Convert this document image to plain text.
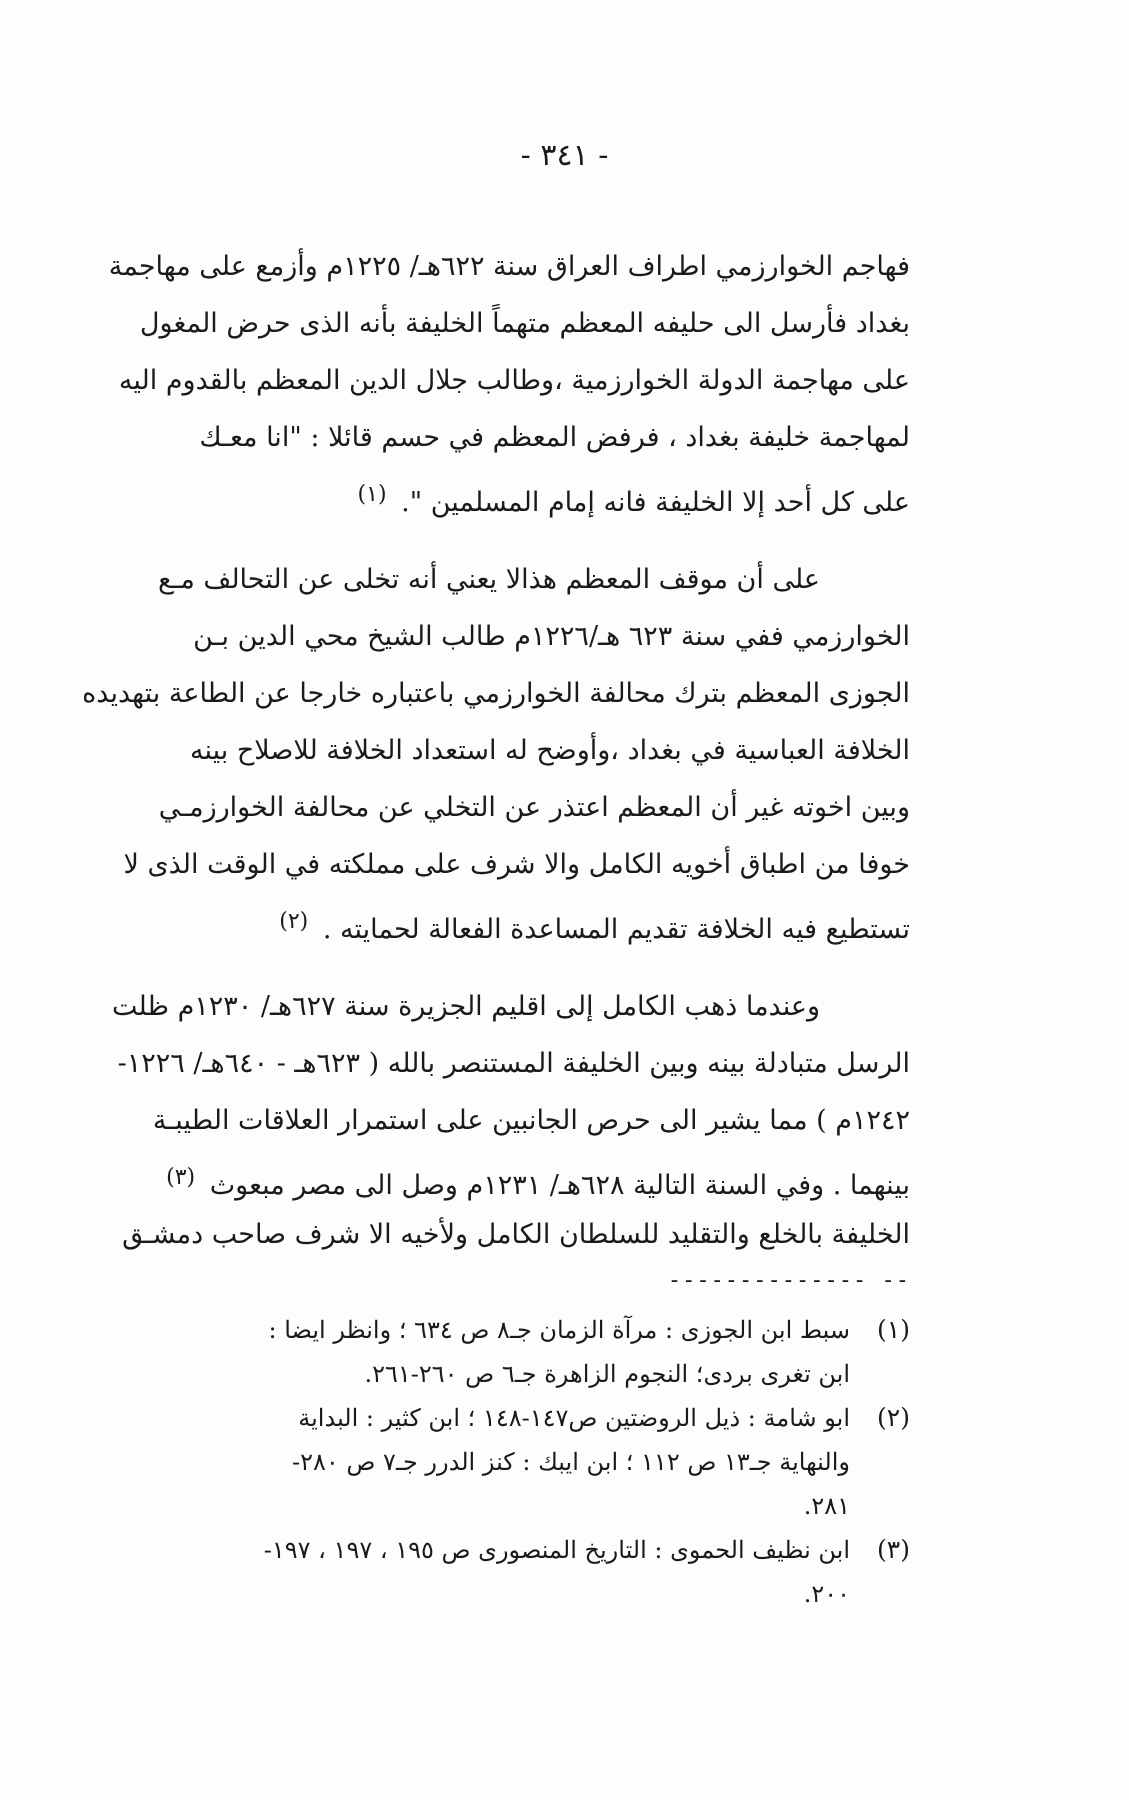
- ٣٤١ -
فهاجم الخوارزمي اطراف العراق سنة ٦٢٢هـ/ ١٢٢٥م وأزمع على مهاجمة
بغداد فأرسل الى حليفه المعظم متهماً الخليفة بأنه الذى حرض المغول
على مهاجمة الدولة الخوارزمية ،وطالب جلال الدين المعظم بالقدوم اليه
لمهاجمة خليفة بغداد ، فرفض المعظم في حسم قائلا : "انا معـك
على كل أحد إلا الخليفة فانه إمام المسلمين ". (١)
على أن موقف المعظم هذالا يعني أنه تخلى عن التحالف مـع
الخوارزمي ففي سنة ٦٢٣ هـ/١٢٢٦م طالب الشيخ محي الدين بـن
الجوزى المعظم بترك محالفة الخوارزمي باعتباره خارجا عن الطاعة بتهديده
الخلافة العباسية في بغداد ،وأوضح له استعداد الخلافة للاصلاح بينه
وبين اخوته غير أن المعظم اعتذر عن التخلي عن محالفة الخوارزمـي
خوفا من اطباق أخويه الكامل والا شرف على مملكته في الوقت الذى لا
تستطيع فيه الخلافة تقديم المساعدة الفعالة لحمايته . (٢)
وعندما ذهب الكامل إلى اقليم الجزيرة سنة ٦٢٧هـ/ ١٢٣٠م ظلت
الرسل متبادلة بينه وبين الخليفة المستنصر بالله ( ٦٢٣هـ - ٦٤٠هـ/ ١٢٢٦-
١٢٤٢م ) مما يشير الى حرص الجانبين على استمرار العلاقات الطيبـة
بينهما . وفي السنة التالية ٦٢٨هـ/ ١٢٣١م وصل الى مصر مبعوث (٣)
الخليفة بالخلع والتقليد للسلطان الكامل ولأخيه الا شرف صاحب دمشـق
-------------- --
(١)
سبط ابن الجوزى : مرآة الزمان جـ٨ ص ٦٣٤ ؛ وانظر ايضا :
ابن تغرى بردى؛ النجوم الزاهرة جـ٦ ص ٢٦٠-٢٦١.
(٢)
ابو شامة : ذيل الروضتين ص١٤٧-١٤٨ ؛ ابن كثير : البداية
والنهاية جـ١٣ ص ١١٢ ؛ ابن ايبك : كنز الدرر جـ٧ ص ٢٨٠-
٢٨١.
(٣)
ابن نظيف الحموى : التاريخ المنصورى ص ١٩٥ ، ١٩٧ ، ١٩٧-
٢٠٠.
